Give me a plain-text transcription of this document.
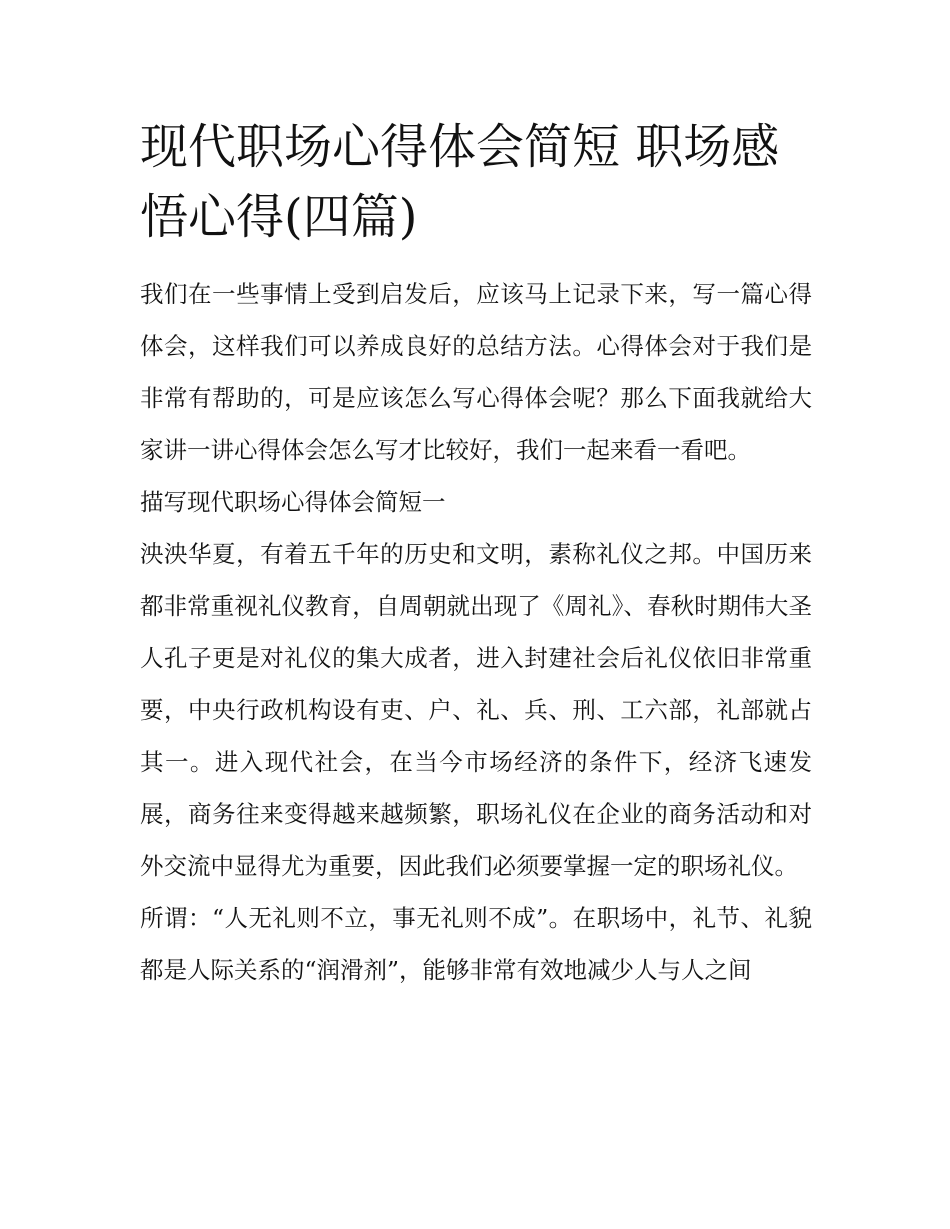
现代职场心得体会简短 职场感悟心得(四篇)

我们在一些事情上受到启发后，应该马上记录下来，写一篇心得体会，这样我们可以养成良好的总结方法。心得体会对于我们是非常有帮助的，可是应该怎么写心得体会呢？那么下面我就给大家讲一讲心得体会怎么写才比较好，我们一起来看一看吧。

描写现代职场心得体会简短一

泱泱华夏，有着五千年的历史和文明，素称礼仪之邦。中国历来都非常重视礼仪教育，自周朝就出现了《周礼》、春秋时期伟大圣人孔子更是对礼仪的集大成者，进入封建社会后礼仪依旧非常重要，中央行政机构设有吏、户、礼、兵、刑、工六部，礼部就占其一。进入现代社会，在当今市场经济的条件下，经济飞速发展，商务往来变得越来越频繁，职场礼仪在企业的商务活动和对外交流中显得尤为重要，因此我们必须要掌握一定的职场礼仪。

所谓：“人无礼则不立，事无礼则不成”。在职场中，礼节、礼貌都是人际关系的“润滑剂”，能够非常有效地减少人与人之间
